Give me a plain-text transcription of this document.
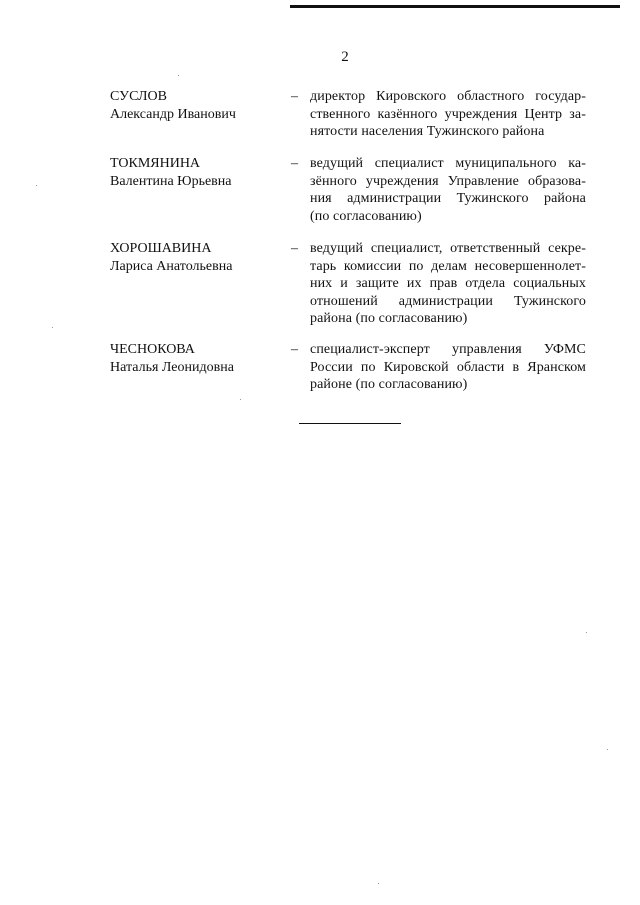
2
СУСЛОВ
Александр Иванович
– директор Кировского областного государ-
ственного казённого учреждения Центр за-
нятости населения Тужинского района
ТОКМЯНИНА
Валентина Юрьевна
– ведущий специалист муниципального ка-
зённого учреждения Управление образова-
ния администрации Тужинского района
(по согласованию)
ХОРОШАВИНА
Лариса Анатольевна
– ведущий специалист, ответственный секре-
тарь комиссии по делам несовершеннолет-
них и защите их прав отдела социальных
отношений администрации Тужинского
района (по согласованию)
ЧЕСНОКОВА
Наталья Леонидовна
– специалист-эксперт управления УФМС
России по Кировской области в Яранском
районе (по согласованию)
